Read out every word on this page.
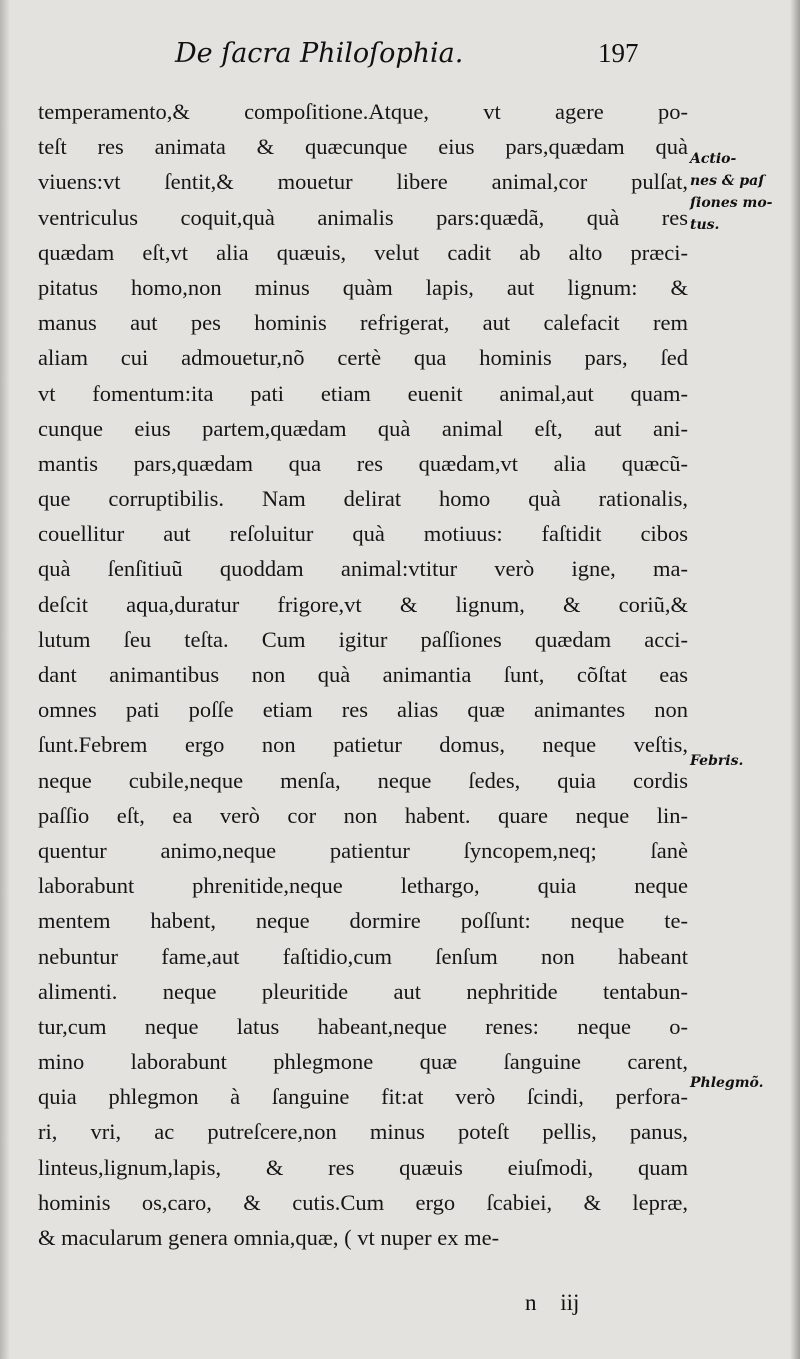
De ſacra Philoſophia.	197
temperamento,& compoſitione.Atque, vt agere po-
teſt res animata & quæcunque eius pars,quædam quà
viuens:vt ſentit,& mouetur libere animal,cor pulſat,
ventriculus coquit,quà animalis pars:quædã, quà res
quædam eſt,vt alia quæuis, velut cadit ab alto præci-
pitatus homo,non minus quàm lapis, aut lignum: &
manus aut pes hominis refrigerat, aut calefacit rem
aliam cui admouetur,nõ certè qua hominis pars, ſed
vt fomentum:ita pati etiam euenit animal,aut quam-
cunque eius partem,quædam quà animal eſt, aut ani-
mantis pars,quædam qua res quædam,vt alia quæcũ-
que corruptibilis. Nam delirat homo quà rationalis,
couellitur aut reſoluitur quà motiuus: faſtidit cibos
quà ſenſitiuũ quoddam animal:vtitur verò igne, ma-
deſcit aqua,duratur frigore,vt & lignum, & coriũ,&
lutum ſeu teſta. Cum igitur paſſiones quædam acci-
dant animantibus non quà animantia ſunt, cõſtat eas
omnes pati poſſe etiam res alias quæ animantes non
ſunt.Febrem ergo non patietur domus, neque veſtis,
neque cubile,neque menſa, neque ſedes, quia cordis
paſſio eſt, ea verò cor non habent. quare neque lin-
quentur animo,neque patientur ſyncopem,neq; ſanè
laborabunt phrenitide,neque lethargo, quia neque
mentem habent, neque dormire poſſunt: neque te-
nebuntur fame,aut faſtidio,cum ſenſum non habeant
alimenti. neque pleuritide aut nephritide tentabun-
tur,cum neque latus habeant,neque renes: neque o-
mino laborabunt phlegmone quæ ſanguine carent,
quia phlegmon à ſanguine fit:at verò ſcindi, perfora-
ri, vri, ac putreſcere,non minus poteſt pellis, panus,
linteus,lignum,lapis, & res quæuis eiuſmodi, quam
hominis os,caro, & cutis.Cum ergo ſcabiei, & lepræ,
& macularum genera omnia,quæ, ( vt nuper ex me-
Actio-
nes & paſ
ſiones mo-
tus.
Febris.
Phlegmõ.
n iij
